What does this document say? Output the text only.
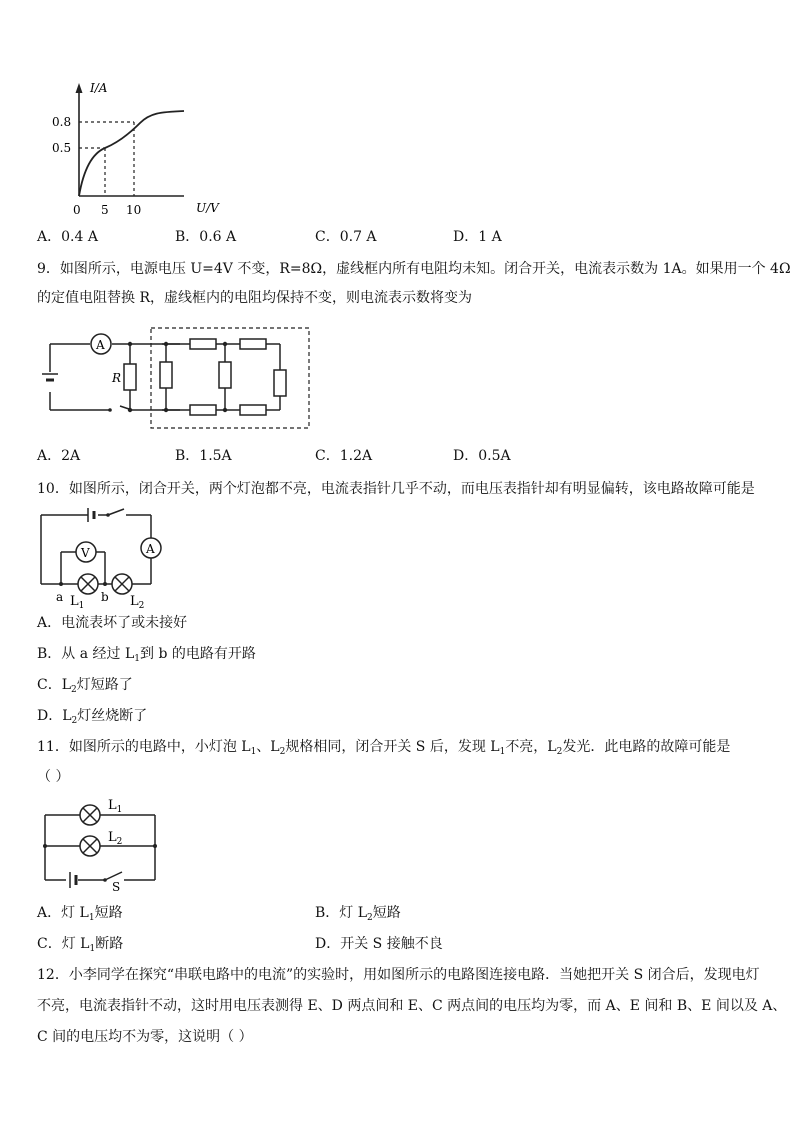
I/A
U/V
0.8
0.5
0 5 10
A．0.4 A	B．0.6 A	C．0.7 A	D．1 A
9．如图所示，电源电压 U=4V 不变，R=8Ω，虚线框内所有电阻均未知。闭合开关，电流表示数为 1A。如果用一个 4Ω
的定值电阻替换 R，虚线框内的电阻均保持不变，则电流表示数将变为
A
R
A．2A	B．1.5A	C．1.2A	D．0.5A
10．如图所示，闭合开关，两个灯泡都不亮，电流表指针几乎不动，而电压表指针却有明显偏转，该电路故障可能是
V	A
a	b
$L_1$	$L_2$
A．电流表坏了或未接好
B．从 a 经过 $L_1$到 b 的电路有开路
C．$L_2$灯短路了
D．$L_2$灯丝烧断了
11．如图所示的电路中，小灯泡 $L_1$、$L_2$规格相同，闭合开关 S 后，发现 $L_1$不亮，$L_2$发光．此电路的故障可能是
（ ）
$L_1$
$L_2$
S
A．灯 $L_1$短路	B．灯 $L_2$短路
C．灯 $L_1$断路	D．开关 S 接触不良
12．小李同学在探究“串联电路中的电流”的实验时，用如图所示的电路图连接电路．当她把开关 S 闭合后，发现电灯
不亮，电流表指针不动，这时用电压表测得 E、D 两点间和 E、C 两点间的电压均为零，而 A、E 间和 B、E 间以及 A、
C 间的电压均不为零，这说明（ ）
